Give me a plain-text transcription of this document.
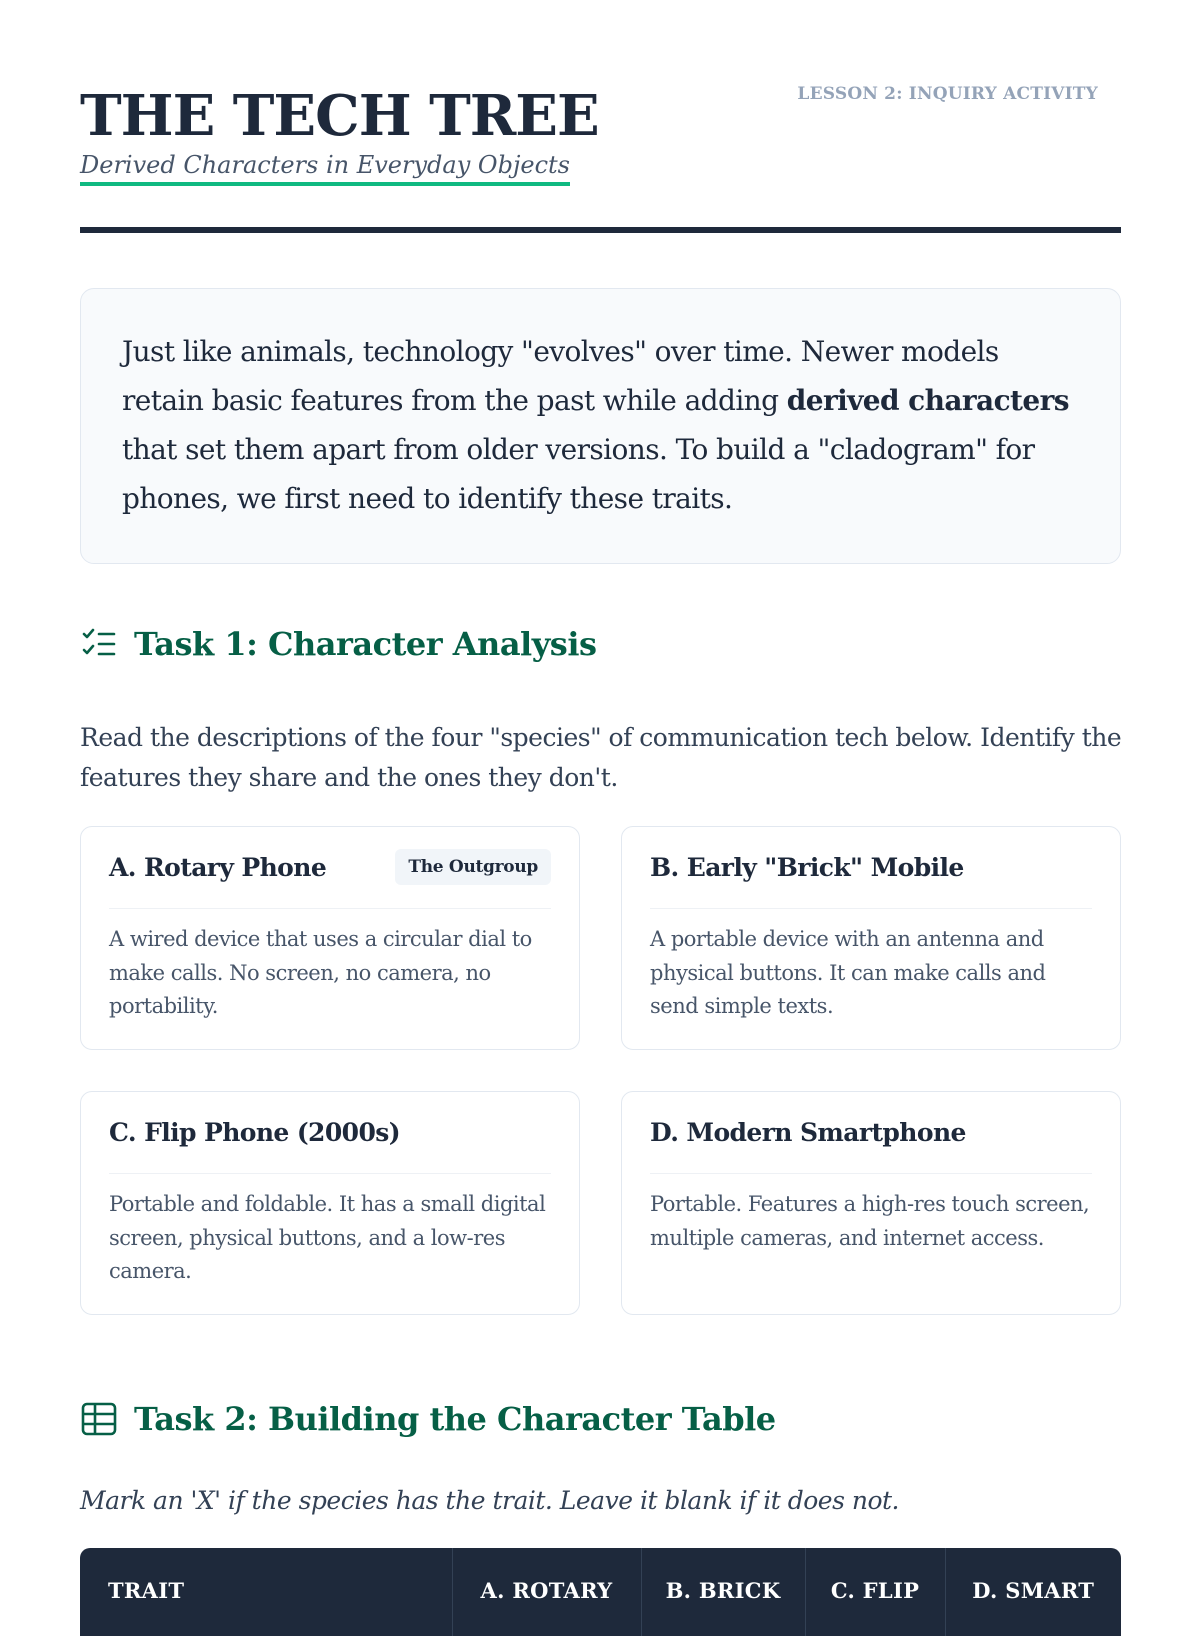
LESSON 2: INQUIRY ACTIVITY
THE TECH TREE
Derived Characters in Everyday Objects

Just like animals, technology "evolves" over time. Newer models retain basic features from the past while adding derived characters that set them apart from older versions. To build a "cladogram" for phones, we first need to identify these traits.

Task 1: Character Analysis

Read the descriptions of the four "species" of communication tech below. Identify the features they share and the ones they don't.

A. Rotary Phone	The Outgroup

A wired device that uses a circular dial to make calls. No screen, no camera, no portability.

B. Early "Brick" Mobile

A portable device with an antenna and physical buttons. It can make calls and send simple texts.

C. Flip Phone (2000s)

Portable and foldable. It has a small digital screen, physical buttons, and a low-res camera.

D. Modern Smartphone

Portable. Features a high-res touch screen, multiple cameras, and internet access.

Task 2: Building the Character Table

Mark an 'X' if the species has the trait. Leave it blank if it does not.

TRAIT	A. ROTARY	B. BRICK	C. FLIP	D. SMART
